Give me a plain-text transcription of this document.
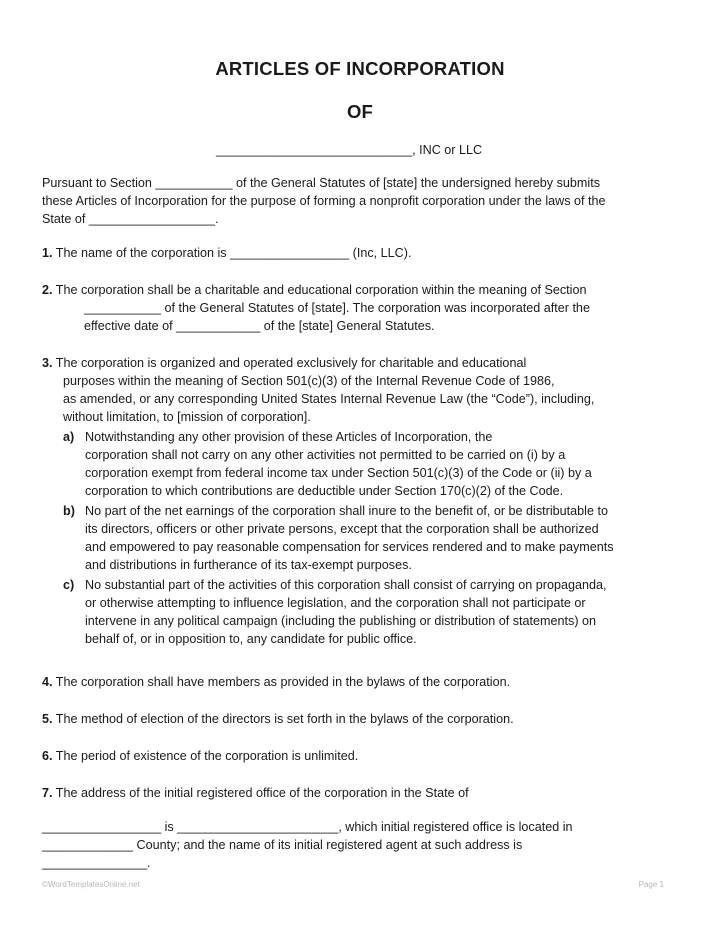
ARTICLES OF INCORPORATION
OF
____________________________, INC or LLC
Pursuant to Section ___________ of the General Statutes of [state] the undersigned hereby submits
these Articles of Incorporation for the purpose of forming a nonprofit corporation under the laws of the
State of __________________.
1. The name of the corporation is _________________ (Inc, LLC).
2. The corporation shall be a charitable and educational corporation within the meaning of Section
___________ of the General Statutes of [state]. The corporation was incorporated after the
effective date of ____________ of the [state] General Statutes.
3. The corporation is organized and operated exclusively for charitable and educational
purposes within the meaning of Section 501(c)(3) of the Internal Revenue Code of 1986,
as amended, or any corresponding United States Internal Revenue Law (the “Code”), including,
without limitation, to [mission of corporation].
a) Notwithstanding any other provision of these Articles of Incorporation, the
corporation shall not carry on any other activities not permitted to be carried on (i) by a
corporation exempt from federal income tax under Section 501(c)(3) of the Code or (ii) by a
corporation to which contributions are deductible under Section 170(c)(2) of the Code.
b) No part of the net earnings of the corporation shall inure to the benefit of, or be distributable to
its directors, officers or other private persons, except that the corporation shall be authorized
and empowered to pay reasonable compensation for services rendered and to make payments
and distributions in furtherance of its tax-exempt purposes.
c) No substantial part of the activities of this corporation shall consist of carrying on propaganda,
or otherwise attempting to influence legislation, and the corporation shall not participate or
intervene in any political campaign (including the publishing or distribution of statements) on
behalf of, or in opposition to, any candidate for public office.
4. The corporation shall have members as provided in the bylaws of the corporation.
5. The method of election of the directors is set forth in the bylaws of the corporation.
6. The period of existence of the corporation is unlimited.
7. The address of the initial registered office of the corporation in the State of
_________________ is _______________________, which initial registered office is located in
_____________ County; and the name of its initial registered agent at such address is
_______________.
©WordTemplatesOnline.net	Page 1
